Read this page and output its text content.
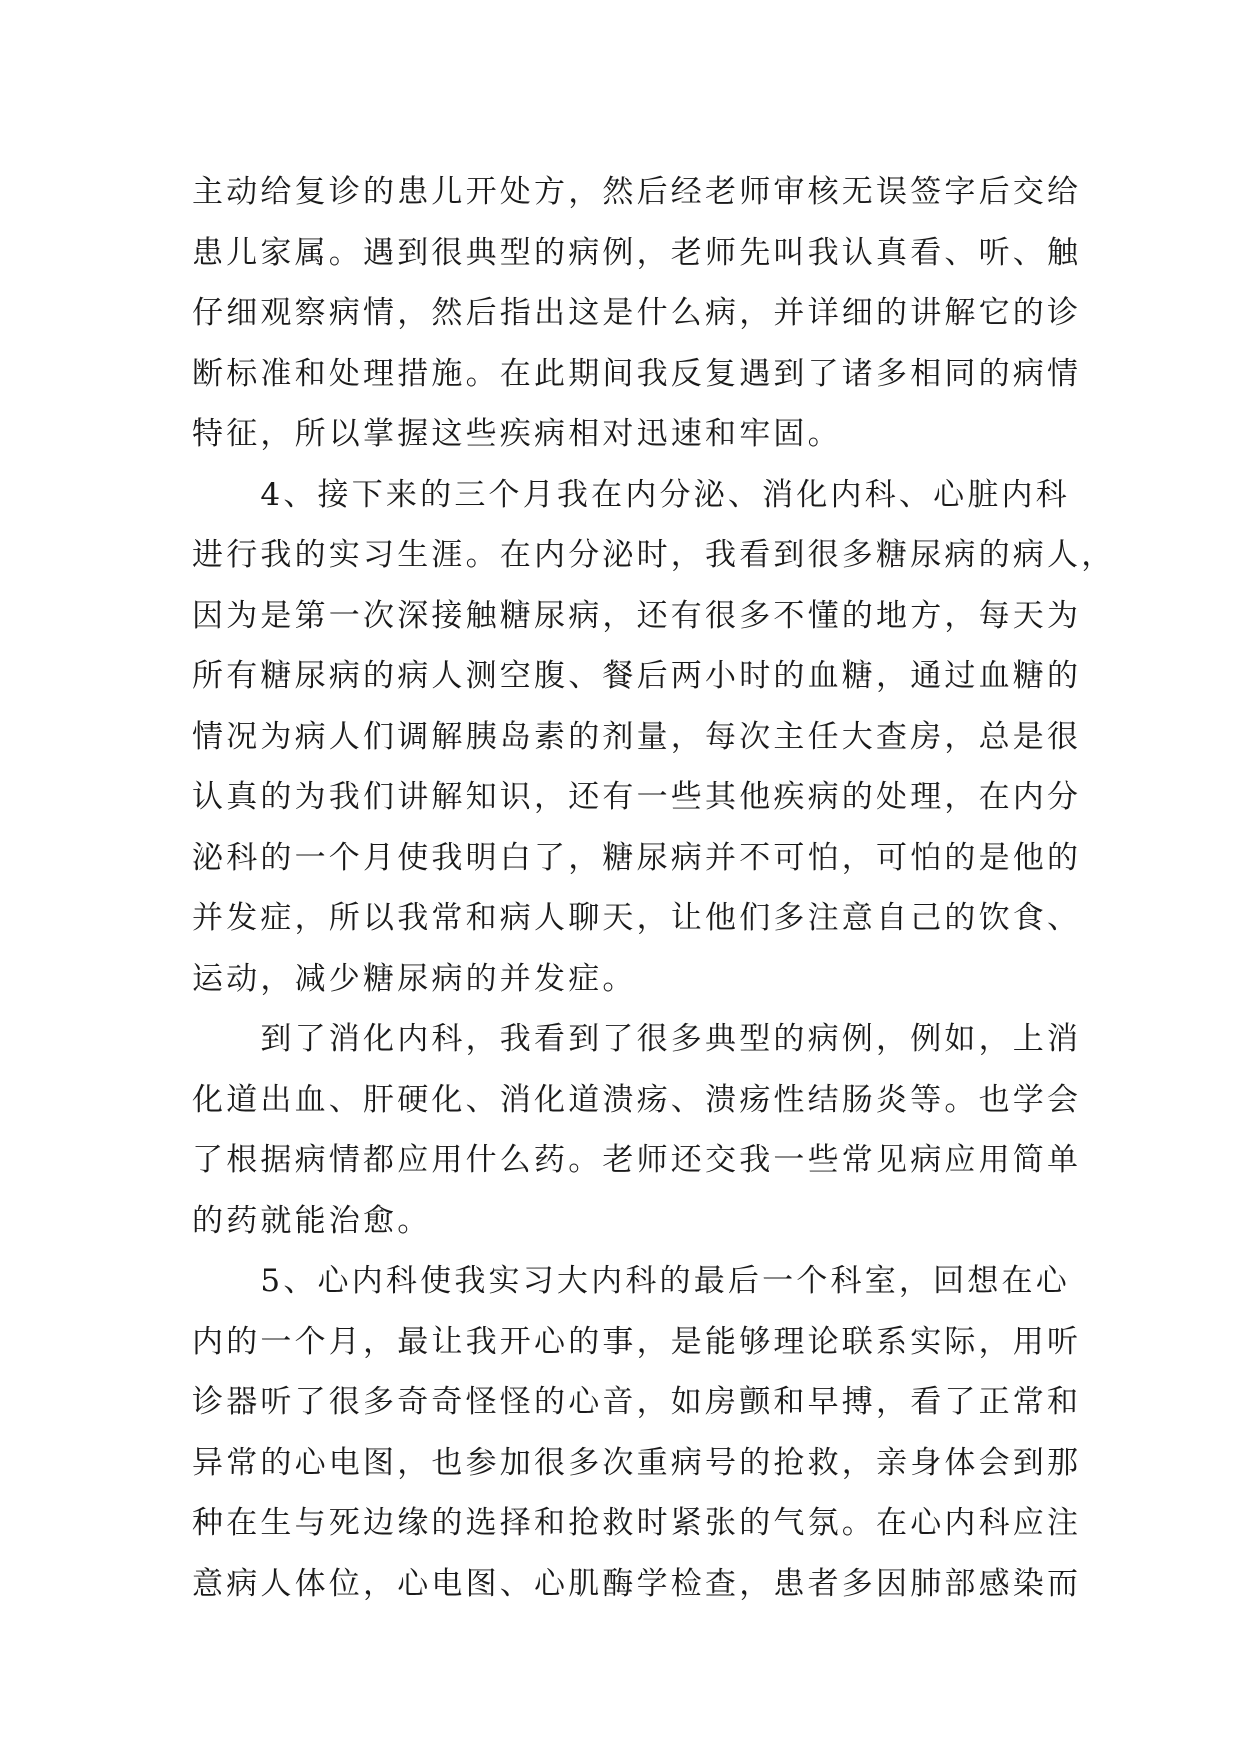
主动给复诊的患儿开处方，然后经老师审核无误签字后交给
患儿家属。遇到很典型的病例，老师先叫我认真看、听、触
仔细观察病情，然后指出这是什么病，并详细的讲解它的诊
断标准和处理措施。在此期间我反复遇到了诸多相同的病情
特征，所以掌握这些疾病相对迅速和牢固。
　　4、接下来的三个月我在内分泌、消化内科、心脏内科
进行我的实习生涯。在内分泌时，我看到很多糖尿病的病人，
因为是第一次深接触糖尿病，还有很多不懂的地方，每天为
所有糖尿病的病人测空腹、餐后两小时的血糖，通过血糖的
情况为病人们调解胰岛素的剂量，每次主任大查房，总是很
认真的为我们讲解知识，还有一些其他疾病的处理，在内分
泌科的一个月使我明白了，糖尿病并不可怕，可怕的是他的
并发症，所以我常和病人聊天，让他们多注意自己的饮食、
运动，减少糖尿病的并发症。
　　到了消化内科，我看到了很多典型的病例，例如，上消
化道出血、肝硬化、消化道溃疡、溃疡性结肠炎等。也学会
了根据病情都应用什么药。老师还交我一些常见病应用简单
的药就能治愈。
　　5、心内科使我实习大内科的最后一个科室，回想在心
内的一个月，最让我开心的事，是能够理论联系实际，用听
诊器听了很多奇奇怪怪的心音，如房颤和早搏，看了正常和
异常的心电图，也参加很多次重病号的抢救，亲身体会到那
种在生与死边缘的选择和抢救时紧张的气氛。在心内科应注
意病人体位，心电图、心肌酶学检查，患者多因肺部感染而
